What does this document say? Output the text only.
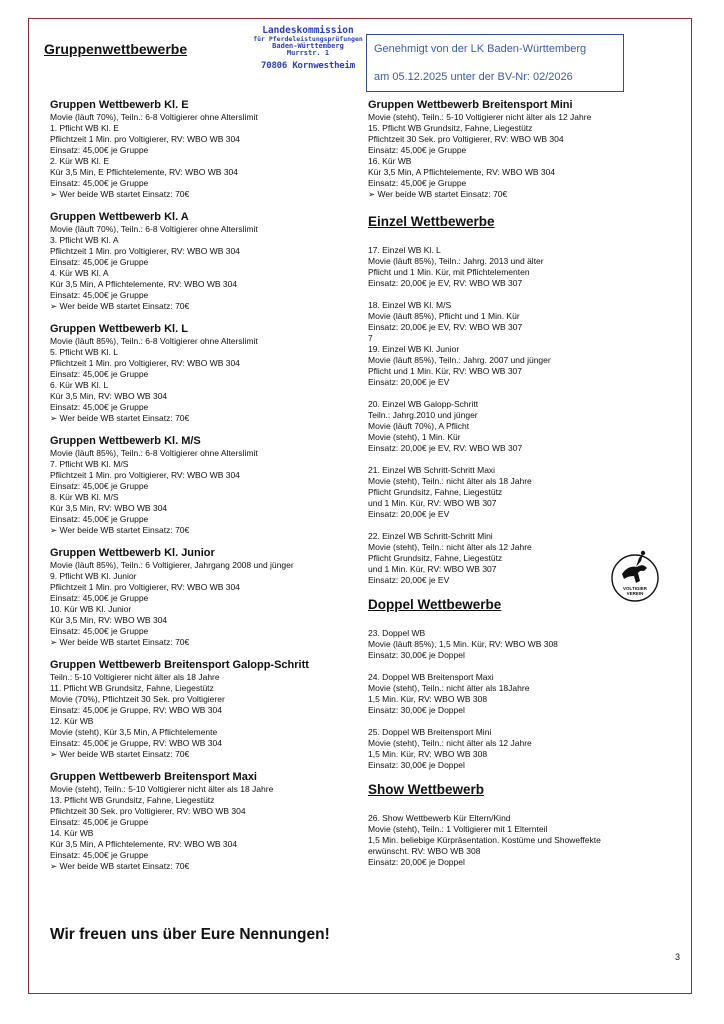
Gruppenwettbewerbe
Landeskommission
für Pferdeleistungsprüfungen
Baden-Württemberg
Murrstr. 1
70806 Kornwestheim
Genehmigt von der LK Baden-Württemberg
am 05.12.2025 unter der BV-Nr: 02/2026
Gruppen Wettbewerb Kl. E
Movie (läuft 70%), Teiln.: 6-8 Voltigierer ohne Alterslimit
1. Pflicht WB Kl. E
Pflichtzeit 1 Min. pro Voltigierer, RV: WBO WB 304
Einsatz: 45,00€ je Gruppe
2. Kür WB Kl. E
Kür 3,5 Min, E Pflichtelemente, RV: WBO WB 304
Einsatz: 45,00€ je Gruppe
➢ Wer beide WB startet Einsatz: 70€
Gruppen Wettbewerb Kl. A
Movie (läuft 70%), Teiln.: 6-8 Voltigierer ohne Alterslimit
3. Pflicht WB Kl. A
Pflichtzeit 1 Min. pro Voltigierer, RV: WBO WB 304
Einsatz: 45,00€ je Gruppe
4. Kür WB Kl. A
Kür 3,5 Min, A Pflichtelemente, RV: WBO WB 304
Einsatz: 45,00€ je Gruppe
➢ Wer beide WB startet Einsatz: 70€
Gruppen Wettbewerb Kl. L
Movie (läuft 85%), Teiln.: 6-8 Voltigierer ohne Alterslimit
5. Pflicht WB Kl. L
Pflichtzeit 1 Min. pro Voltigierer, RV: WBO WB 304
Einsatz: 45,00€ je Gruppe
6. Kür WB Kl. L
Kür 3,5 Min, RV: WBO WB 304
Einsatz: 45,00€ je Gruppe
➢ Wer beide WB startet Einsatz: 70€
Gruppen Wettbewerb Kl. M/S
Movie (läuft 85%), Teiln.: 6-8 Voltigierer ohne Alterslimit
7. Pflicht WB Kl. M/S
Pflichtzeit 1 Min. pro Voltigierer, RV: WBO WB 304
Einsatz: 45,00€ je Gruppe
8. Kür WB Kl. M/S
Kür 3,5 Min, RV: WBO WB 304
Einsatz: 45,00€ je Gruppe
➢ Wer beide WB startet Einsatz: 70€
Gruppen Wettbewerb Kl. Junior
Movie (läuft 85%), Teiln.: 6 Voltigierer, Jahrgang 2008 und jünger
9. Pflicht WB Kl. Junior
Pflichtzeit 1 Min. pro Voltigierer, RV: WBO WB 304
Einsatz: 45,00€ je Gruppe
10. Kür WB Kl. Junior
Kür 3,5 Min, RV: WBO WB 304
Einsatz: 45,00€ je Gruppe
➢ Wer beide WB startet Einsatz: 70€
Gruppen Wettbewerb Breitensport Galopp-Schritt
Teiln.: 5-10 Voltigierer nicht älter als 18 Jahre
11. Pflicht WB Grundsitz, Fahne, Liegestütz
Movie (70%), Pflichtzeit 30 Sek. pro Voltigierer
Einsatz: 45,00€ je Gruppe, RV: WBO WB 304
12. Kür WB
Movie (steht), Kür 3,5 Min, A Pflichtelemente
Einsatz: 45,00€ je Gruppe, RV: WBO WB 304
➢ Wer beide WB startet Einsatz: 70€
Gruppen Wettbewerb Breitensport Maxi
Movie (steht), Teiln.: 5-10 Voltigierer nicht älter als 18 Jahre
13. Pflicht WB Grundsitz, Fahne, Liegestütz
Pflichtzeit 30 Sek. pro Voltigierer, RV: WBO WB 304
Einsatz: 45,00€ je Gruppe
14. Kür WB
Kür 3,5 Min, A Pflichtelemente, RV: WBO WB 304
Einsatz: 45,00€ je Gruppe
➢ Wer beide WB startet Einsatz: 70€
Gruppen Wettbewerb Breitensport Mini
Movie (steht), Teiln.: 5-10 Voltigierer nicht älter als 12 Jahre
15. Pflicht WB Grundsitz, Fahne, Liegestütz
Pflichtzeit 30 Sek. pro Voltigierer, RV: WBO WB 304
Einsatz: 45,00€ je Gruppe
16. Kür WB
Kür 3,5 Min, A Pflichtelemente, RV: WBO WB 304
Einsatz: 45,00€ je Gruppe
➢ Wer beide WB startet Einsatz: 70€
Einzel Wettbewerbe
17. Einzel WB Kl. L
Movie (läuft 85%), Teiln.: Jahrg. 2013 und älter
Pflicht und 1 Min. Kür, mit Pflichtelementen
Einsatz: 20,00€ je EV, RV: WBO WB 307
18. Einzel WB Kl. M/S
Movie (läuft 85%), Pflicht und 1 Min. Kür
Einsatz: 20,00€ je EV, RV: WBO WB 307
7
19. Einzel WB Kl. Junior
Movie (läuft 85%), Teiln.: Jahrg. 2007 und jünger
Pflicht und 1 Min. Kür, RV: WBO WB 307
Einsatz: 20,00€ je EV
20. Einzel WB Galopp-Schritt
Teiln.: Jahrg.2010 und jünger
Movie (läuft 70%), A Pflicht
Movie (steht), 1 Min. Kür
Einsatz: 20,00€ je EV, RV: WBO WB 307
21. Einzel WB Schritt-Schritt Maxi
Movie (steht), Teiln.: nicht älter als 18 Jahre
Pflicht Grundsitz, Fahne, Liegestütz
und 1 Min. Kür, RV: WBO WB 307
Einsatz: 20,00€ je EV
22. Einzel WB Schritt-Schritt Mini
Movie (steht), Teiln.: nicht älter als 12 Jahre
Pflicht Grundsitz, Fahne, Liegestütz
und 1 Min. Kür, RV: WBO WB 307
Einsatz: 20,00€ je EV
Doppel Wettbewerbe
23. Doppel WB
Movie (läuft 85%), 1,5 Min. Kür, RV: WBO WB 308
Einsatz: 30,00€ je Doppel
24. Doppel WB Breitensport Maxi
Movie (steht), Teiln.: nicht älter als 18Jahre
1,5 Min. Kür, RV: WBO WB 308
Einsatz: 30,00€ je Doppel
25. Doppel WB Breitensport Mini
Movie (steht), Teiln.: nicht älter als 12 Jahre
1,5 Min. Kür, RV: WBO WB 308
Einsatz: 30,00€ je Doppel
Show Wettbewerb
26. Show Wettbewerb Kür Eltern/Kind
Movie (steht), Teiln.: 1 Voltigierer mit 1 Elternteil
1,5 Min. beliebige Kürpräsentation. Kostüme und Showeffekte
erwünscht. RV: WBO WB 308
Einsatz: 20,00€ je Doppel
VOLTIGIER
VEREIN

Wir freuen uns über Eure Nennungen!

3
